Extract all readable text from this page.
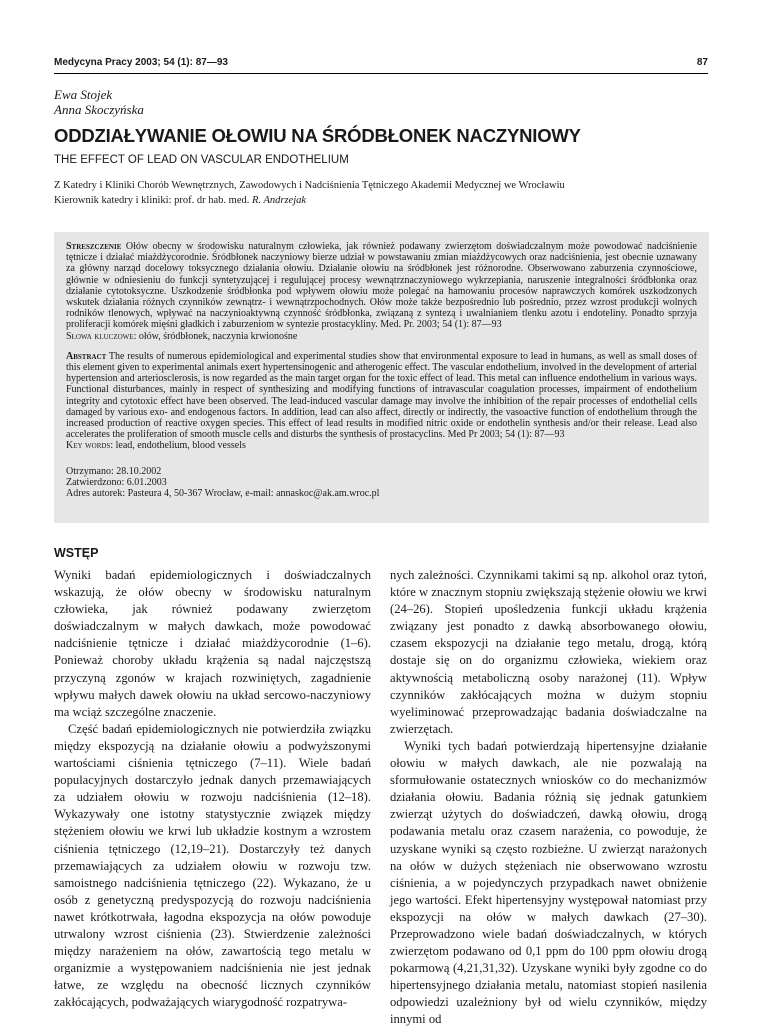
Medycyna Pracy 2003; 54 (1): 87—93	87
Ewa Stojek
Anna Skoczyńska
ODDZIAŁYWANIE OŁOWIU NA ŚRÓDBŁONEK NACZYNIOWY
THE EFFECT OF LEAD ON VASCULAR ENDOTHELIUM
Z Katedry i Kliniki Chorób Wewnętrznych, Zawodowych i Nadciśnienia Tętniczego Akademii Medycznej we Wrocławiu
Kierownik katedry i kliniki: prof. dr hab. med. R. Andrzejak

Streszczenie Ołów obecny w środowisku naturalnym człowieka, jak również podawany zwierzętom doświadczalnym może powodować nadciśnienie tętnicze i działać miażdżycorodnie. Śródbłonek naczyniowy bierze udział w powstawaniu zmian miażdżycowych oraz nadciśnienia, jest obecnie uznawany za główny narząd docelowy toksycznego działania ołowiu. Działanie ołowiu na śródbłonek jest różnorodne. Obserwowano zaburzenia czynnościowe, głównie w odniesieniu do funkcji syntetyzującej i regulującej procesy wewnątrznaczyniowego wykrzepiania, naruszenie integralności śródbłonka oraz działanie cytotoksyczne. Uszkodzenie śródbłonka pod wpływem ołowiu może polegać na hamowaniu procesów naprawczych komórek uszkodzonych wskutek działania różnych czynników zewnątrz- i wewnątrzpochodnych. Ołów może także bezpośrednio lub pośrednio, przez wzrost produkcji wolnych rodników tlenowych, wpływać na naczynioaktywną czynność śródbłonka, związaną z syntezą i uwalnianiem tlenku azotu i endoteliny. Ponadto sprzyja proliferacji komórek mięśni gładkich i zaburzeniom w syntezie prostacykliny. Med. Pr. 2003; 54 (1): 87—93

Słowa kluczowe: ołów, śródbłonek, naczynia krwionośne

Abstract The results of numerous epidemiological and experimental studies show that environmental exposure to lead in humans, as well as small doses of this element given to experimental animals exert hypertensinogenic and atherogenic effect. The vascular endothelium, involved in the development of arterial hypertension and arteriosclerosis, is now regarded as the main target organ for the toxic effect of lead. This metal can influence endothelium in various ways. Functional disturbances, mainly in respect of synthesizing and modifying functions of intravascular coagulation processes, impairment of endothelium integrity and cytotoxic effect have been observed. The lead-induced vascular damage may involve the inhibition of the repair processes of endothelial cells damaged by various exo- and endogenous factors. In addition, lead can also affect, directly or indirectly, the vasoactive function of endothelium through the increased production of reactive oxygen species. This effect of lead results in modified nitric oxide or endothelin synthesis and/or their release. Lead also accelerates the proliferation of smooth muscle cells and disturbs the synthesis of prostacyclins. Med Pr 2003; 54 (1): 87—93

Key words: lead, endothelium, blood vessels

Otrzymano: 28.10.2002
Zatwierdzono: 6.01.2003
Adres autorek: Pasteura 4, 50-367 Wrocław, e-mail: annaskoc@ak.am.wroc.pl
WSTĘP

Wyniki badań epidemiologicznych i doświadczalnych wskazują, że ołów obecny w środowisku naturalnym człowieka, jak również podawany zwierzętom doświadczalnym w małych dawkach, może powodować nadciśnienie tętnicze i działać miażdżycorodnie (1–6). Ponieważ choroby układu krążenia są nadal najczęstszą przyczyną zgonów w krajach rozwiniętych, zagadnienie wpływu małych dawek ołowiu na układ sercowo-naczyniowy ma wciąż szczególne znaczenie.

Część badań epidemiologicznych nie potwierdziła związku między ekspozycją na działanie ołowiu a podwyższonymi wartościami ciśnienia tętniczego (7–11). Wiele badań populacyjnych dostarczyło jednak danych przemawiających za udziałem ołowiu w rozwoju nadciśnienia (12–18). Wykazywały one istotny statystycznie związek między stężeniem ołowiu we krwi lub układzie kostnym a wzrostem ciśnienia tętniczego (12,19–21). Dostarczyły też danych przemawiających za udziałem ołowiu w rozwoju tzw. samoistnego nadciśnienia tętniczego (22). Wykazano, że u osób z genetyczną predyspozycją do rozwoju nadciśnienia nawet krótkotrwała, łagodna ekspozycja na ołów powoduje utrwalony wzrost ciśnienia (23). Stwierdzenie zależności między narażeniem na ołów, zawartością tego metalu w organizmie a występowaniem nadciśnienia nie jest jednak łatwe, ze względu na obecność licznych czynników zakłócających, podważających wiarygodność rozpatrywa-

nych zależności. Czynnikami takimi są np. alkohol oraz tytoń, które w znacznym stopniu zwiększają stężenie ołowiu we krwi (24–26). Stopień upośledzenia funkcji układu krążenia związany jest ponadto z dawką absorbowanego ołowiu, czasem ekspozycji na działanie tego metalu, drogą, którą dostaje się on do organizmu człowieka, wiekiem oraz aktywnością metaboliczną osoby narażonej (11). Wpływ czynników zakłócających można w dużym stopniu wyeliminować przeprowadzając badania doświadczalne na zwierzętach.

Wyniki tych badań potwierdzają hipertensyjne działanie ołowiu w małych dawkach, ale nie pozwalają na sformułowanie ostatecznych wniosków co do mechanizmów działania ołowiu. Badania różnią się jednak gatunkiem zwierząt użytych do doświadczeń, dawką ołowiu, drogą podawania metalu oraz czasem narażenia, co powoduje, że uzyskane wyniki są często rozbieżne. U zwierząt narażonych na ołów w dużych stężeniach nie obserwowano wzrostu ciśnienia, a w pojedynczych przypadkach nawet obniżenie jego wartości. Efekt hipertensyjny występował natomiast przy ekspozycji na ołów w małych dawkach (27–30). Przeprowadzono wiele badań doświadczalnych, w których zwierzętom podawano od 0,1 ppm do 100 ppm ołowiu drogą pokarmową (4,21,31,32). Uzyskane wyniki były zgodne co do hipertensyjnego działania metalu, natomiast stopień nasilenia odpowiedzi uzależniony był od wielu czynników, między innymi od
